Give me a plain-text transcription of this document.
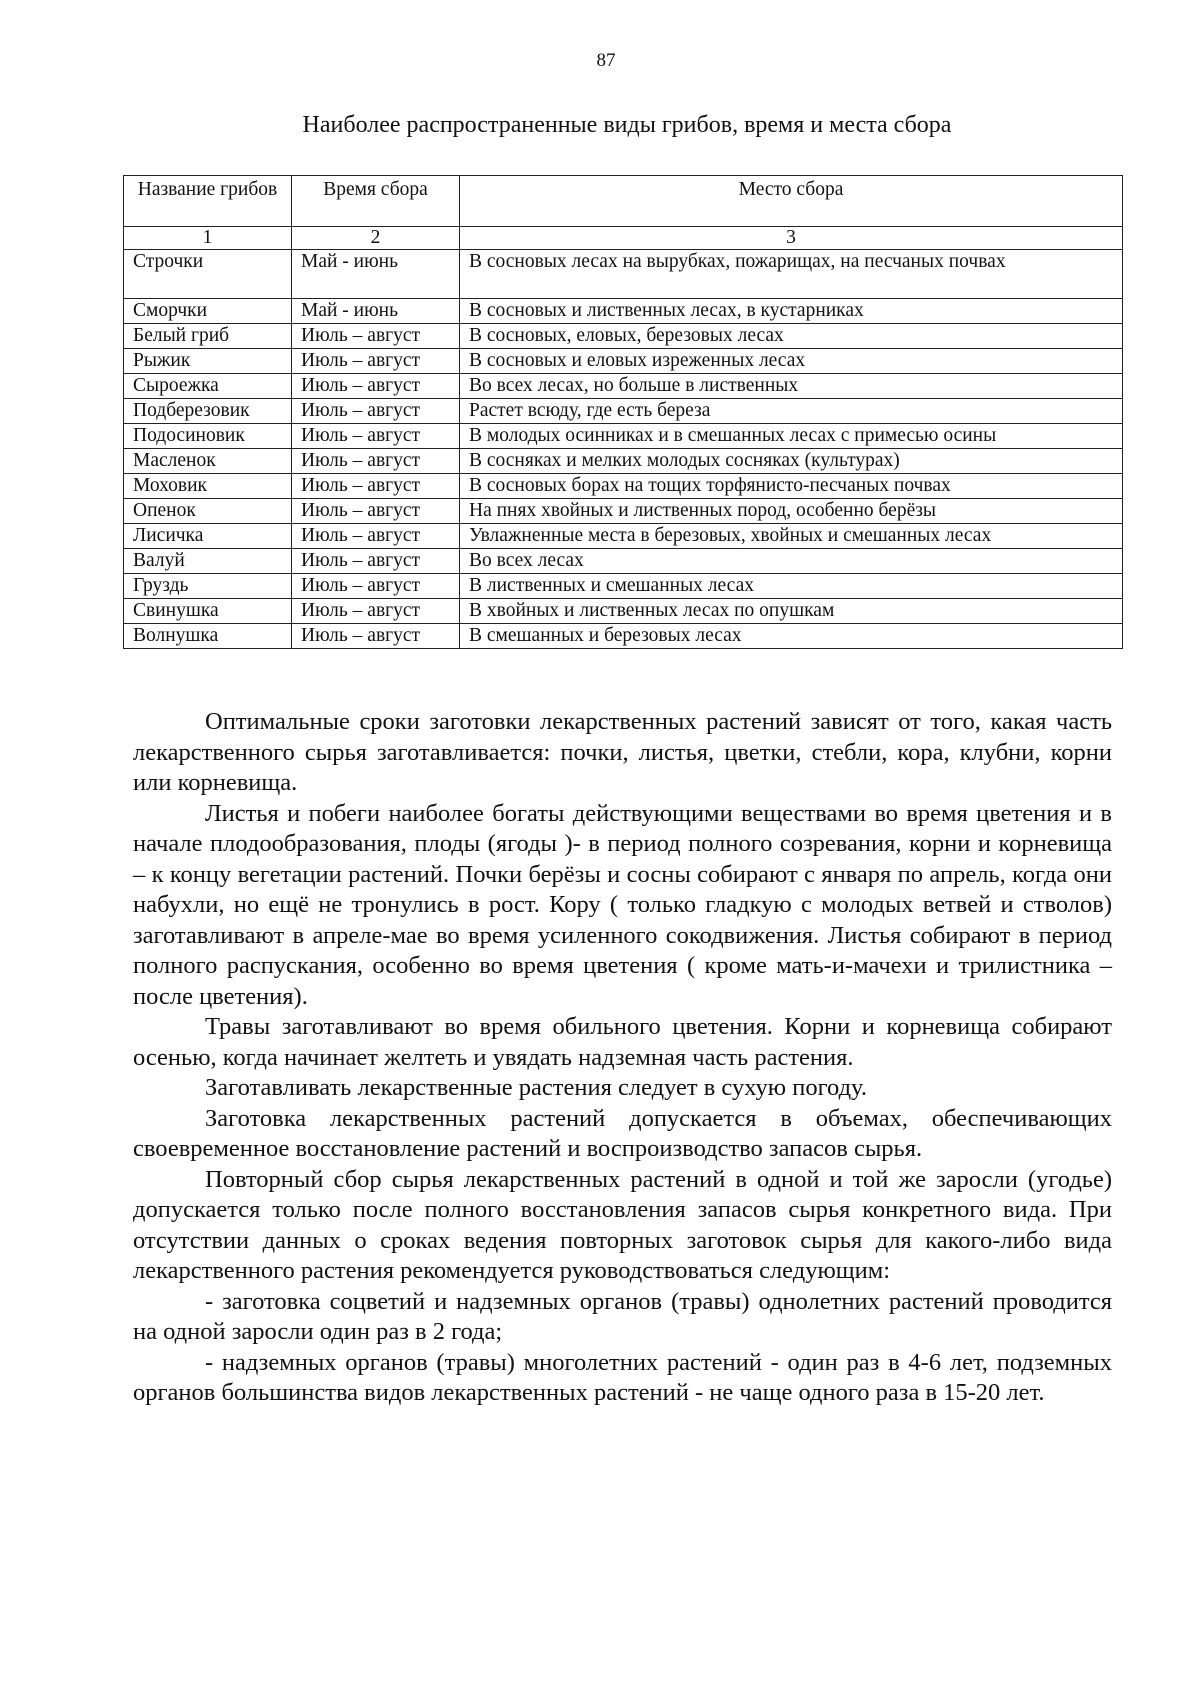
87
Наиболее распространенные виды грибов, время и места сбора
Название грибов	Время сбора	Место сбора
1	2	3
Строчки	Май - июнь	В сосновых лесах на вырубках, пожарищах, на песчаных почвах
Сморчки	Май - июнь	В сосновых и лиственных лесах, в кустарниках
Белый гриб	Июль – август	В сосновых, еловых, березовых лесах
Рыжик	Июль – август	В сосновых и еловых изреженных лесах
Сыроежка	Июль – август	Во всех лесах, но больше в лиственных
Подберезовик	Июль – август	Растет всюду, где есть береза
Подосиновик	Июль – август	В молодых осинниках и в смешанных лесах с примесью осины
Масленок	Июль – август	В сосняках и мелких молодых сосняках (культурах)
Моховик	Июль – август	В сосновых борах на тощих торфянисто-песчаных почвах
Опенок	Июль – август	На пнях хвойных и лиственных пород, особенно берёзы
Лисичка	Июль – август	Увлажненные места в березовых, хвойных и смешанных лесах
Валуй	Июль – август	Во всех лесах
Груздь	Июль – август	В лиственных и смешанных лесах
Свинушка	Июль – август	В хвойных и лиственных лесах по опушкам
Волнушка	Июль – август	В смешанных и березовых лесах

Оптимальные сроки заготовки лекарственных растений зависят от того, какая часть лекарственного сырья заготавливается: почки, листья, цветки, стебли, кора, клубни, корни или корневища.

Листья и побеги наиболее богаты действующими веществами во время цветения и в начале плодообразования, плоды (ягоды )- в период полного созревания, корни и корневища – к концу вегетации растений. Почки берёзы и сосны собирают с января по апрель, когда они набухли, но ещё не тронулись в рост. Кору ( только гладкую с молодых ветвей и стволов) заготавливают в апреле-мае во время усиленного сокодвижения. Листья собирают в период полного распускания, особенно во время цветения ( кроме мать-и-мачехи и трилистника – после цветения).

Травы заготавливают во время обильного цветения. Корни и корневища собирают осенью, когда начинает желтеть и увядать надземная часть растения.

Заготавливать лекарственные растения следует в сухую погоду.

Заготовка лекарственных растений допускается в объемах, обеспечивающих своевременное восстановление растений и воспроизводство запасов сырья.

Повторный сбор сырья лекарственных растений в одной и той же заросли (угодье) допускается только после полного восстановления запасов сырья конкретного вида. При отсутствии данных о сроках ведения повторных заготовок сырья для какого-либо вида лекарственного растения рекомендуется руководствоваться следующим:

- заготовка соцветий и надземных органов (травы) однолетних растений проводится на одной заросли один раз в 2 года;

- надземных органов (травы) многолетних растений - один раз в 4-6 лет, подземных органов большинства видов лекарственных растений - не чаще одного раза в 15-20 лет.
